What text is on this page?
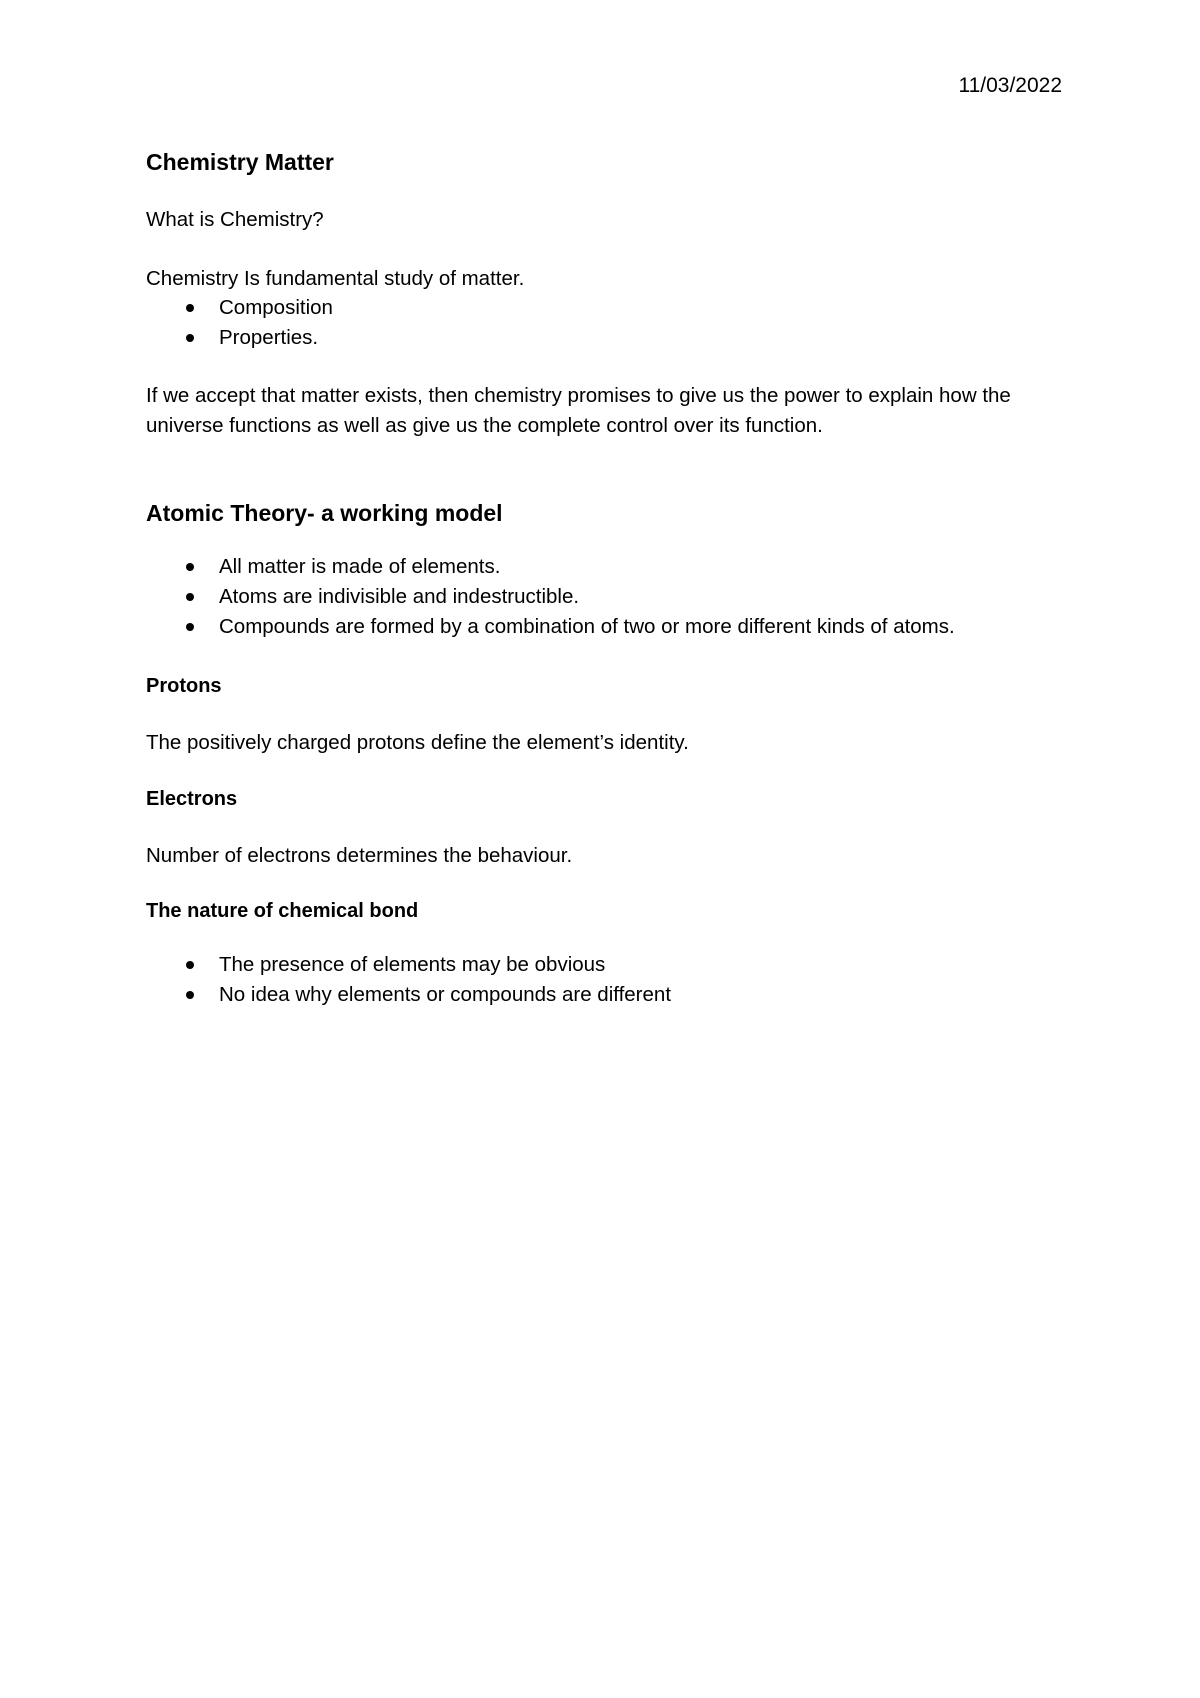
11/03/2022
Chemistry Matter
What is Chemistry?
Chemistry Is fundamental study of matter.
Composition
Properties.
If we accept that matter exists, then chemistry promises to give us the power to explain how the universe functions as well as give us the complete control over its function.
Atomic Theory- a working model
All matter is made of elements.
Atoms are indivisible and indestructible.
Compounds are formed by a combination of two or more different kinds of atoms.
Protons
The positively charged protons define the element’s identity.
Electrons
Number of electrons determines the behaviour.
The nature of chemical bond
The presence of elements may be obvious
No idea why elements or compounds are different
